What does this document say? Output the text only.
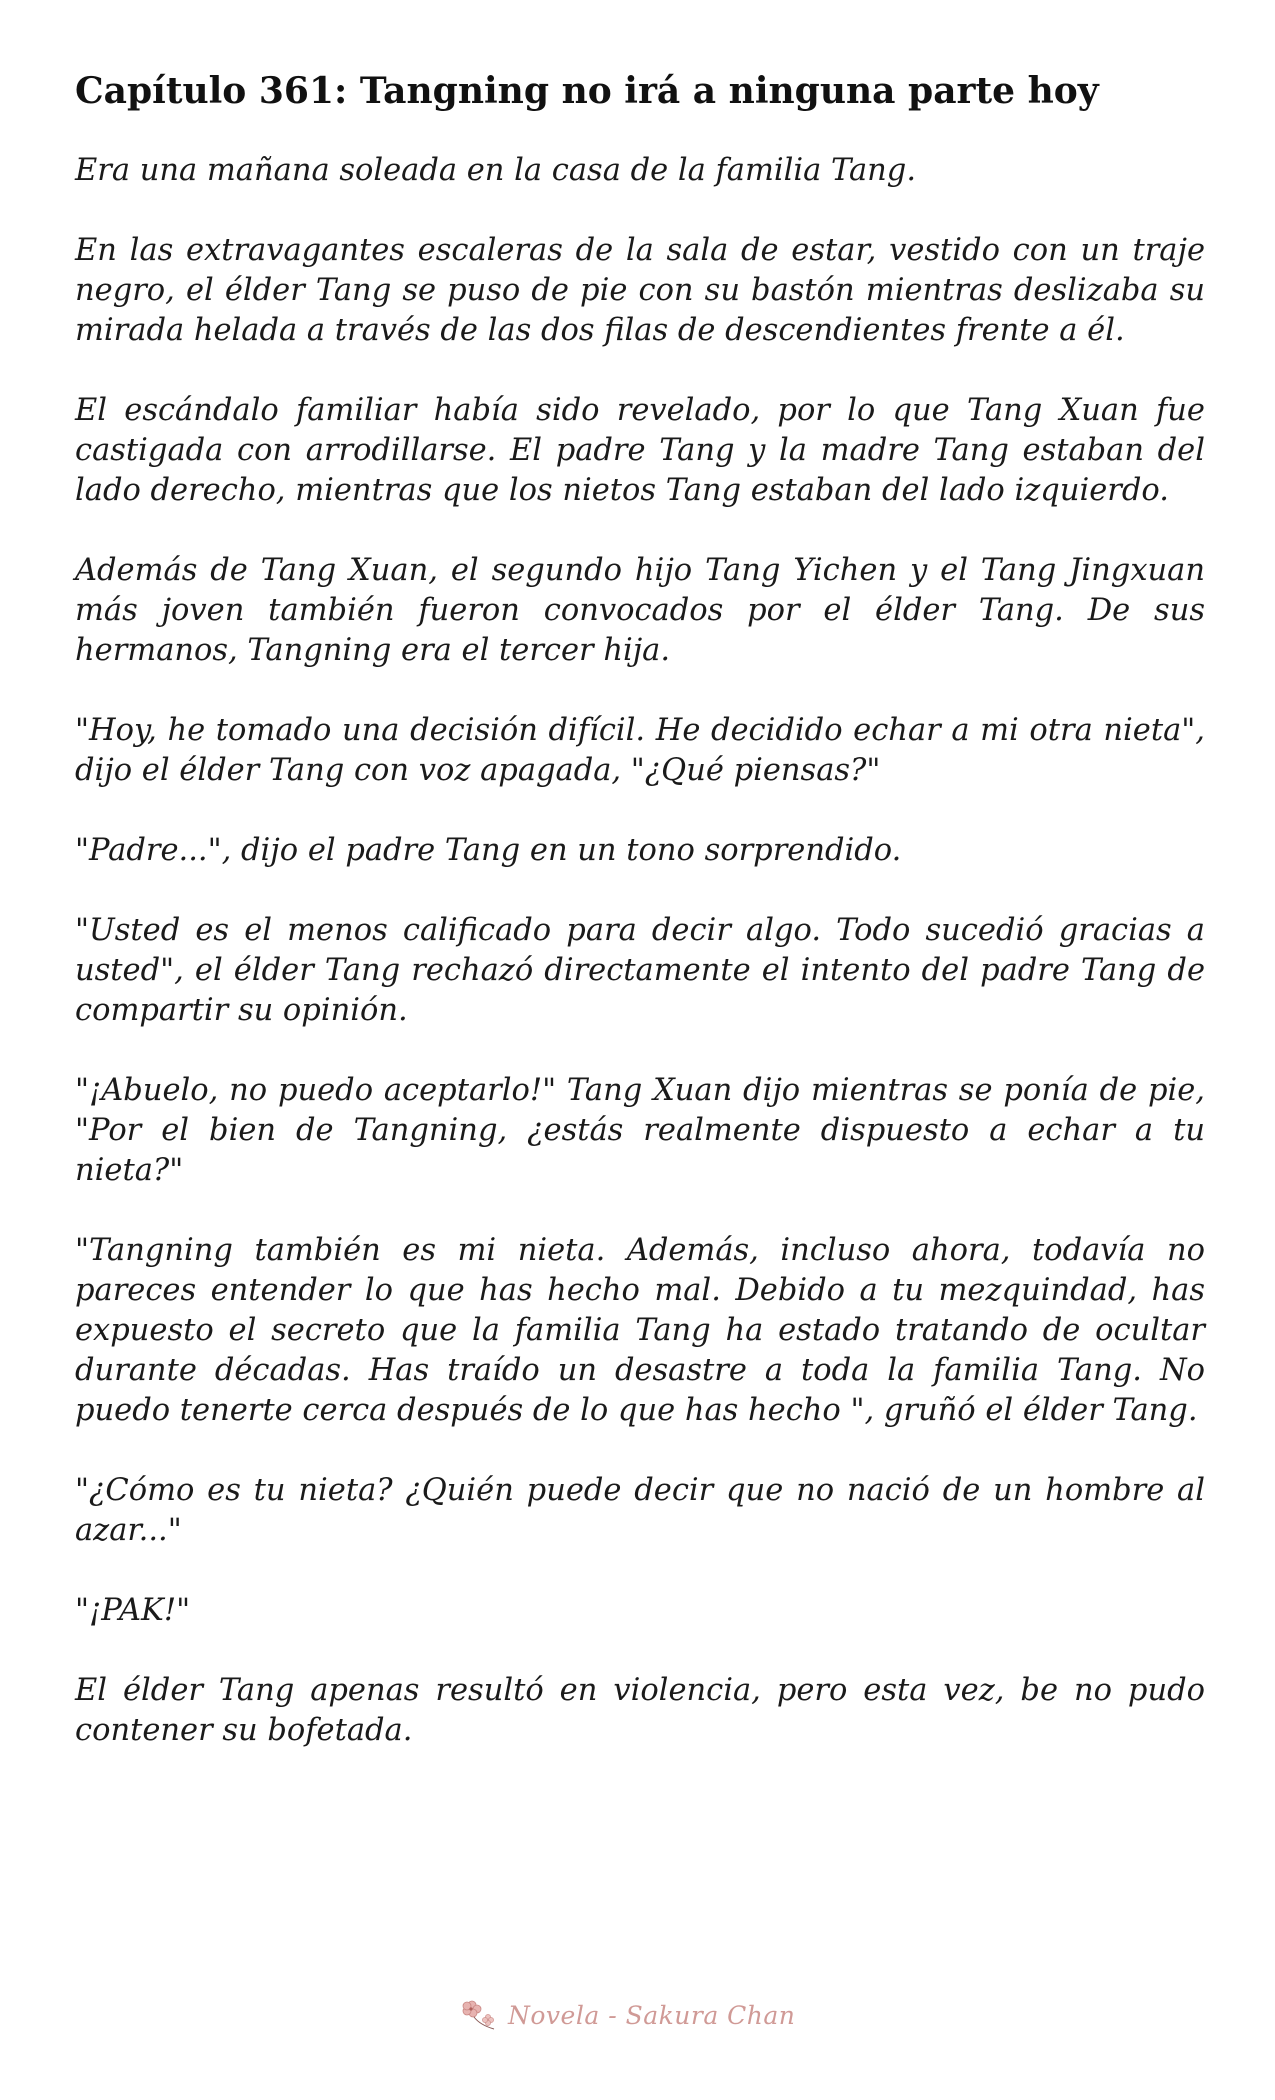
Capítulo 361: Tangning no irá a ninguna parte hoy

Era una mañana soleada en la casa de la familia Tang.

En las extravagantes escaleras de la sala de estar, vestido con un traje negro, el élder Tang se puso de pie con su bastón mientras deslizaba su mirada helada a través de las dos filas de descendientes frente a él.

El escándalo familiar había sido revelado, por lo que Tang Xuan fue castigada con arrodillarse. El padre Tang y la madre Tang estaban del lado derecho, mientras que los nietos Tang estaban del lado izquierdo.

Además de Tang Xuan, el segundo hijo Tang Yichen y el Tang Jingxuan más joven también fueron convocados por el élder Tang. De sus hermanos, Tangning era el tercer hija.

"Hoy, he tomado una decisión difícil. He decidido echar a mi otra nieta", dijo el élder Tang con voz apagada, "¿Qué piensas?"

"Padre...", dijo el padre Tang en un tono sorprendido.

"Usted es el menos calificado para decir algo. Todo sucedió gracias a usted", el élder Tang rechazó directamente el intento del padre Tang de compartir su opinión.

"¡Abuelo, no puedo aceptarlo!" Tang Xuan dijo mientras se ponía de pie, "Por el bien de Tangning, ¿estás realmente dispuesto a echar a tu nieta?"

"Tangning también es mi nieta. Además, incluso ahora, todavía no pareces entender lo que has hecho mal. Debido a tu mezquindad, has expuesto el secreto que la familia Tang ha estado tratando de ocultar durante décadas. Has traído un desastre a toda la familia Tang. No puedo tenerte cerca después de lo que has hecho ", gruñó el élder Tang.

"¿Cómo es tu nieta? ¿Quién puede decir que no nació de un hombre al azar..."

"¡PAK!"

El élder Tang apenas resultó en violencia, pero esta vez, be no pudo contener su bofetada.

Novela - Sakura Chan
